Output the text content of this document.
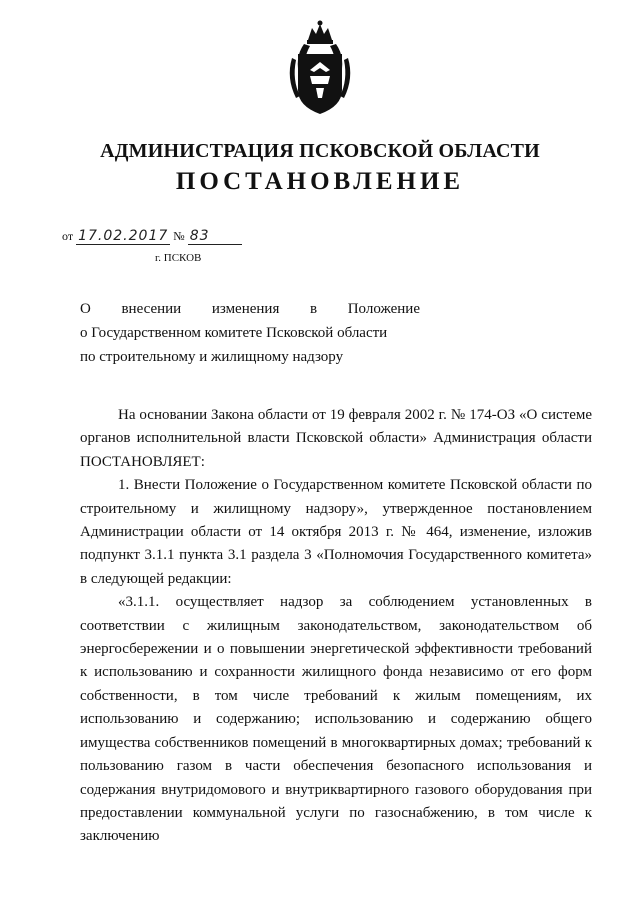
АДМИНИСТРАЦИЯ ПСКОВСКОЙ ОБЛАСТИ
ПОСТАНОВЛЕНИЕ
от 17.02.2017 № 83
г. ПСКОВ
О внесении изменения в Положение
о Государственном комитете Псковской области
по строительному и жилищному надзору

На основании Закона области от 19 февраля 2002 г. № 174-ОЗ «О системе органов исполнительной власти Псковской области» Администрация области ПОСТАНОВЛЯЕТ:

1. Внести Положение о Государственном комитете Псковской области по строительному и жилищному надзору», утвержденное постановлением Администрации области от 14 октября 2013 г. № 464, изменение, изложив подпункт 3.1.1 пункта 3.1 раздела 3 «Полномочия Государственного комитета» в следующей редакции:

«3.1.1. осуществляет надзор за соблюдением установленных в соответствии с жилищным законодательством, законодательством об энергосбережении и о повышении энергетической эффективности требований к использованию и сохранности жилищного фонда независимо от его форм собственности, в том числе требований к жилым помещениям, их использованию и содержанию; использованию и содержанию общего имущества собственников помещений в многоквартирных домах; требований к пользованию газом в части обеспечения безопасного использования и содержания внутридомового и внутриквартирного газового оборудования при предоставлении коммунальной услуги по газоснабжению, в том числе к заключению
